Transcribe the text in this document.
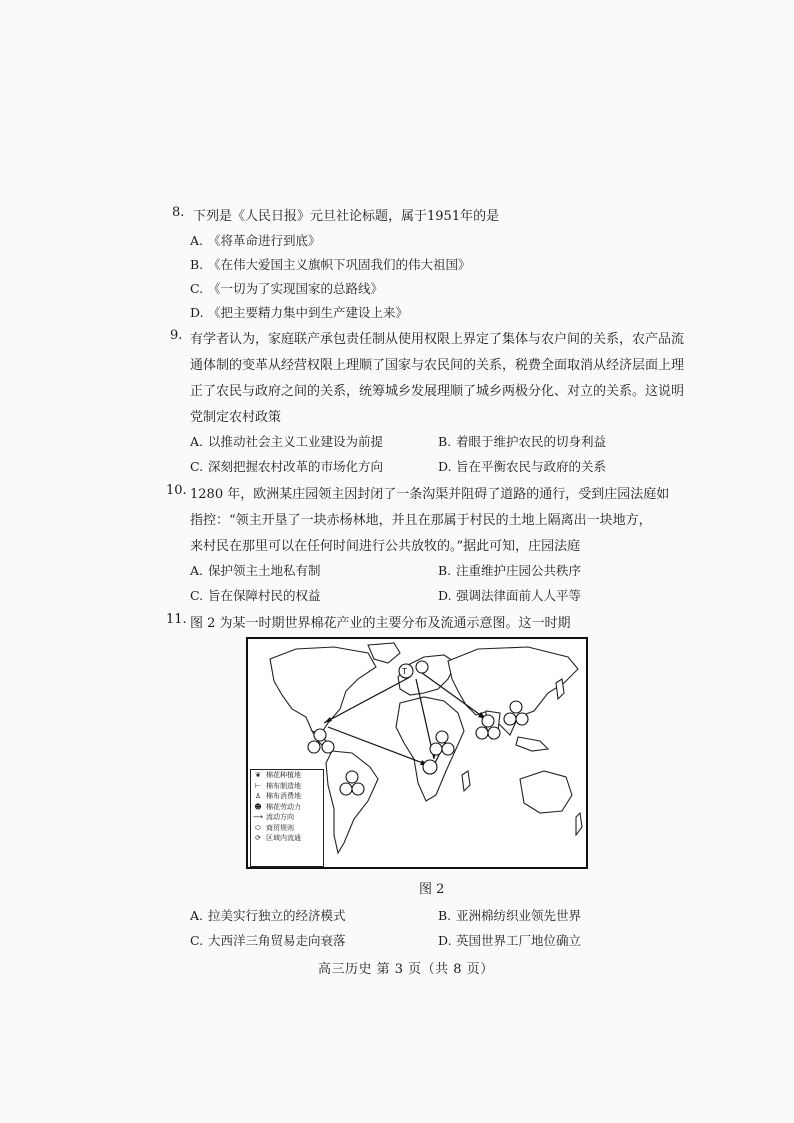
8. 下列是《人民日报》元旦社论标题，属于1951年的是
A. 《将革命进行到底》
B. 《在伟大爱国主义旗帜下巩固我们的伟大祖国》
C. 《一切为了实现国家的总路线》
D. 《把主要精力集中到生产建设上来》
9. 有学者认为，家庭联产承包责任制从使用权限上界定了集体与农户间的关系，农产品流
通体制的变革从经营权限上理顺了国家与农民间的关系，税费全面取消从经济层面上理
正了农民与政府之间的关系，统筹城乡发展理顺了城乡两极分化、对立的关系。这说明
党制定农村政策
A. 以推动社会主义工业建设为前提	B. 着眼于维护农民的切身利益
C. 深刻把握农村改革的市场化方向	D. 旨在平衡农民与政府的关系
10. 1280 年，欧洲某庄园领主因封闭了一条沟渠并阻碍了道路的通行，受到庄园法庭如
指控：“领主开垦了一块赤杨林地，并且在那属于村民的土地上隔离出一块地方，
来村民在那里可以在任何时间进行公共放牧的。”据此可知，庄园法庭
A. 保护领主土地私有制	B. 注重维护庄园公共秩序
C. 旨在保障村民的权益	D. 强调法律面前人人平等
11. 图 2 为某一时期世界棉花产业的主要分布及流通示意图。这一时期
T
❦ 棉花种植地
⊢ 棉布制造地
♙ 棉布消费地
☻ 棉花劳动力
⟶ 流动方向
⬭ 商贸规则
⟳ 区域内流通
图 2
A. 拉美实行独立的经济模式	B. 亚洲棉纺织业领先世界
C. 大西洋三角贸易走向衰落	D. 英国世界工厂地位确立
高三历史 第 3 页（共 8 页）
